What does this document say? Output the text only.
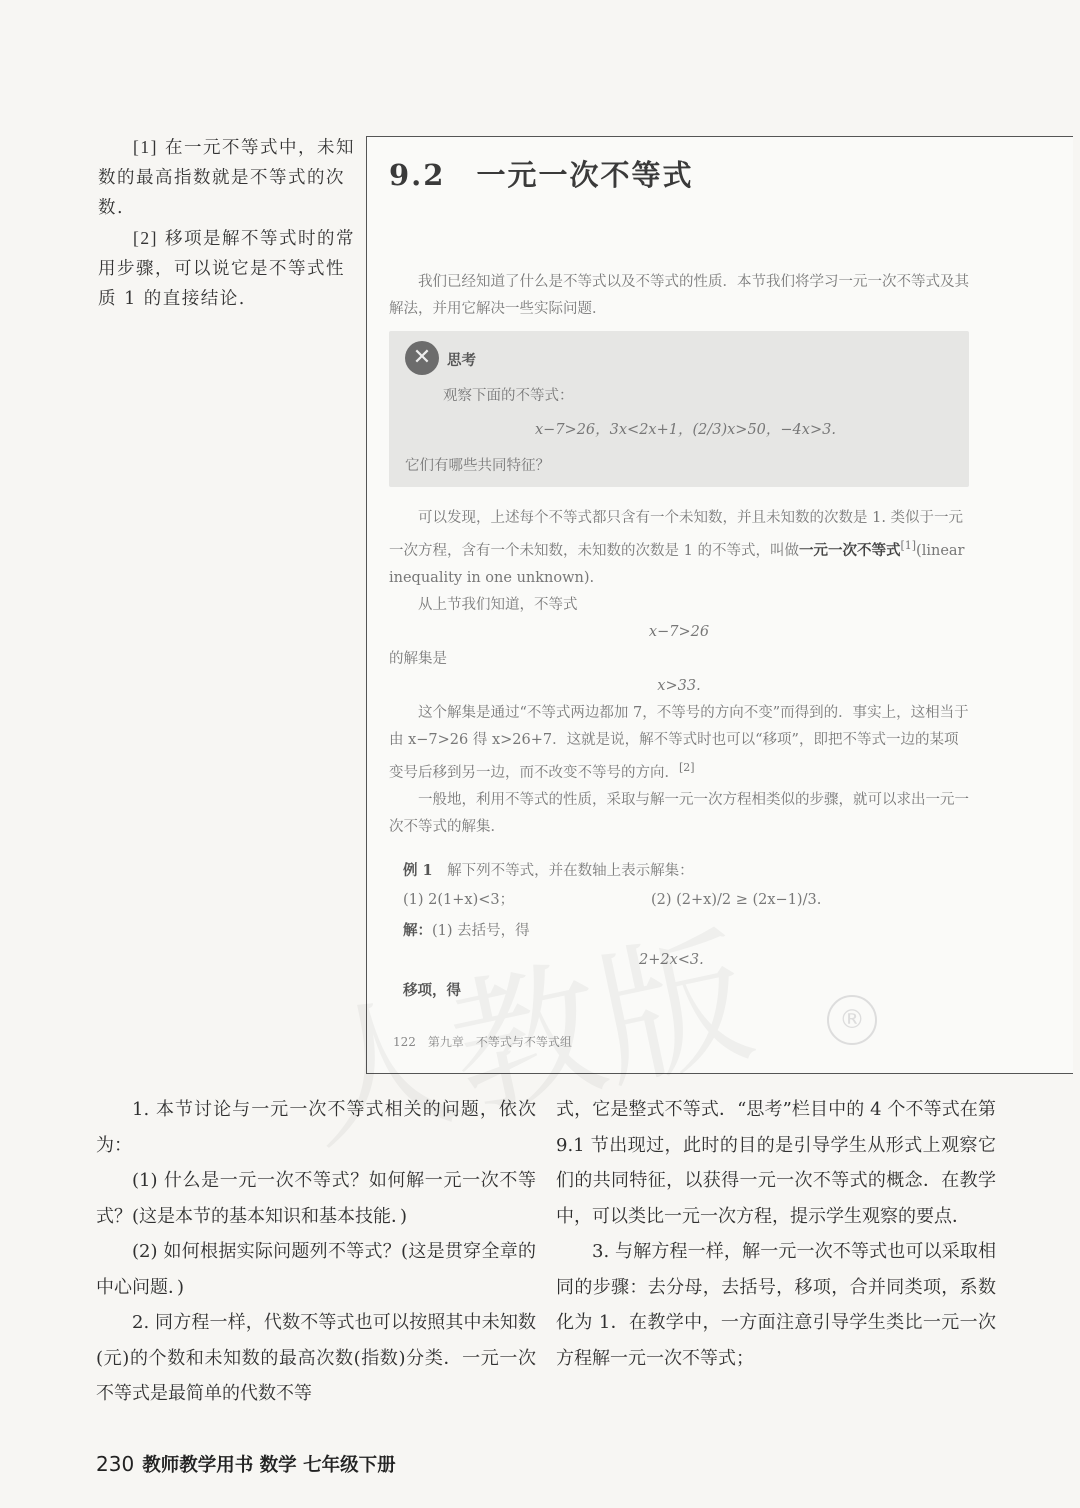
[1] 在一元不等式中，未知数的最高指数就是不等式的次数.

[2] 移项是解不等式时的常用步骤，可以说它是不等式性质 1 的直接结论.

9.2　一元一次不等式

我们已经知道了什么是不等式以及不等式的性质．本节我们将学习一元一次不等式及其解法，并用它解决一些实际问题．

✕	思考
观察下面的不等式：
x−7>26，3x<2x+1，(2/3)x>50，−4x>3.
它们有哪些共同特征？

可以发现，上述每个不等式都只含有一个未知数，并且未知数的次数是 1. 类似于一元一次方程，含有一个未知数，未知数的次数是 1 的不等式，叫做一元一次不等式[1](linear inequality in one unknown).

从上节我们知道，不等式

x−7>26

的解集是

x>33.

这个解集是通过“不等式两边都加 7，不等号的方向不变”而得到的．事实上，这相当于由 x−7>26 得 x>26+7．这就是说，解不等式时也可以“移项”，即把不等式一边的某项变号后移到另一边，而不改变不等号的方向．[2]

一般地，利用不等式的性质，采取与解一元一次方程相类似的步骤，就可以求出一元一次不等式的解集．

例 1　 解下列不等式，并在数轴上表示解集：
(1) 2(1+x)<3；	(2) (2+x)/2 ≥ (2x−1)/3.
解：(1) 去括号，得
2+2x<3.
移项，得
®
122　第九章　不等式与不等式组

1. 本节讨论与一元一次不等式相关的问题，依次为：

(1) 什么是一元一次不等式？如何解一元一次不等式？(这是本节的基本知识和基本技能．)

(2) 如何根据实际问题列不等式？(这是贯穿全章的中心问题．)

2. 同方程一样，代数不等式也可以按照其中未知数(元)的个数和未知数的最高次数(指数)分类．一元一次不等式是最简单的代数不等

式，它是整式不等式．“思考”栏目中的 4 个不等式在第 9.1 节出现过，此时的目的是引导学生从形式上观察它们的共同特征，以获得一元一次不等式的概念．在教学中，可以类比一元一次方程，提示学生观察的要点．

3. 与解方程一样，解一元一次不等式也可以采取相同的步骤：去分母，去括号，移项，合并同类项，系数化为 1．在教学中，一方面注意引导学生类比一元一次方程解一元一次不等式；

230 教师教学用书 数学 七年级下册
